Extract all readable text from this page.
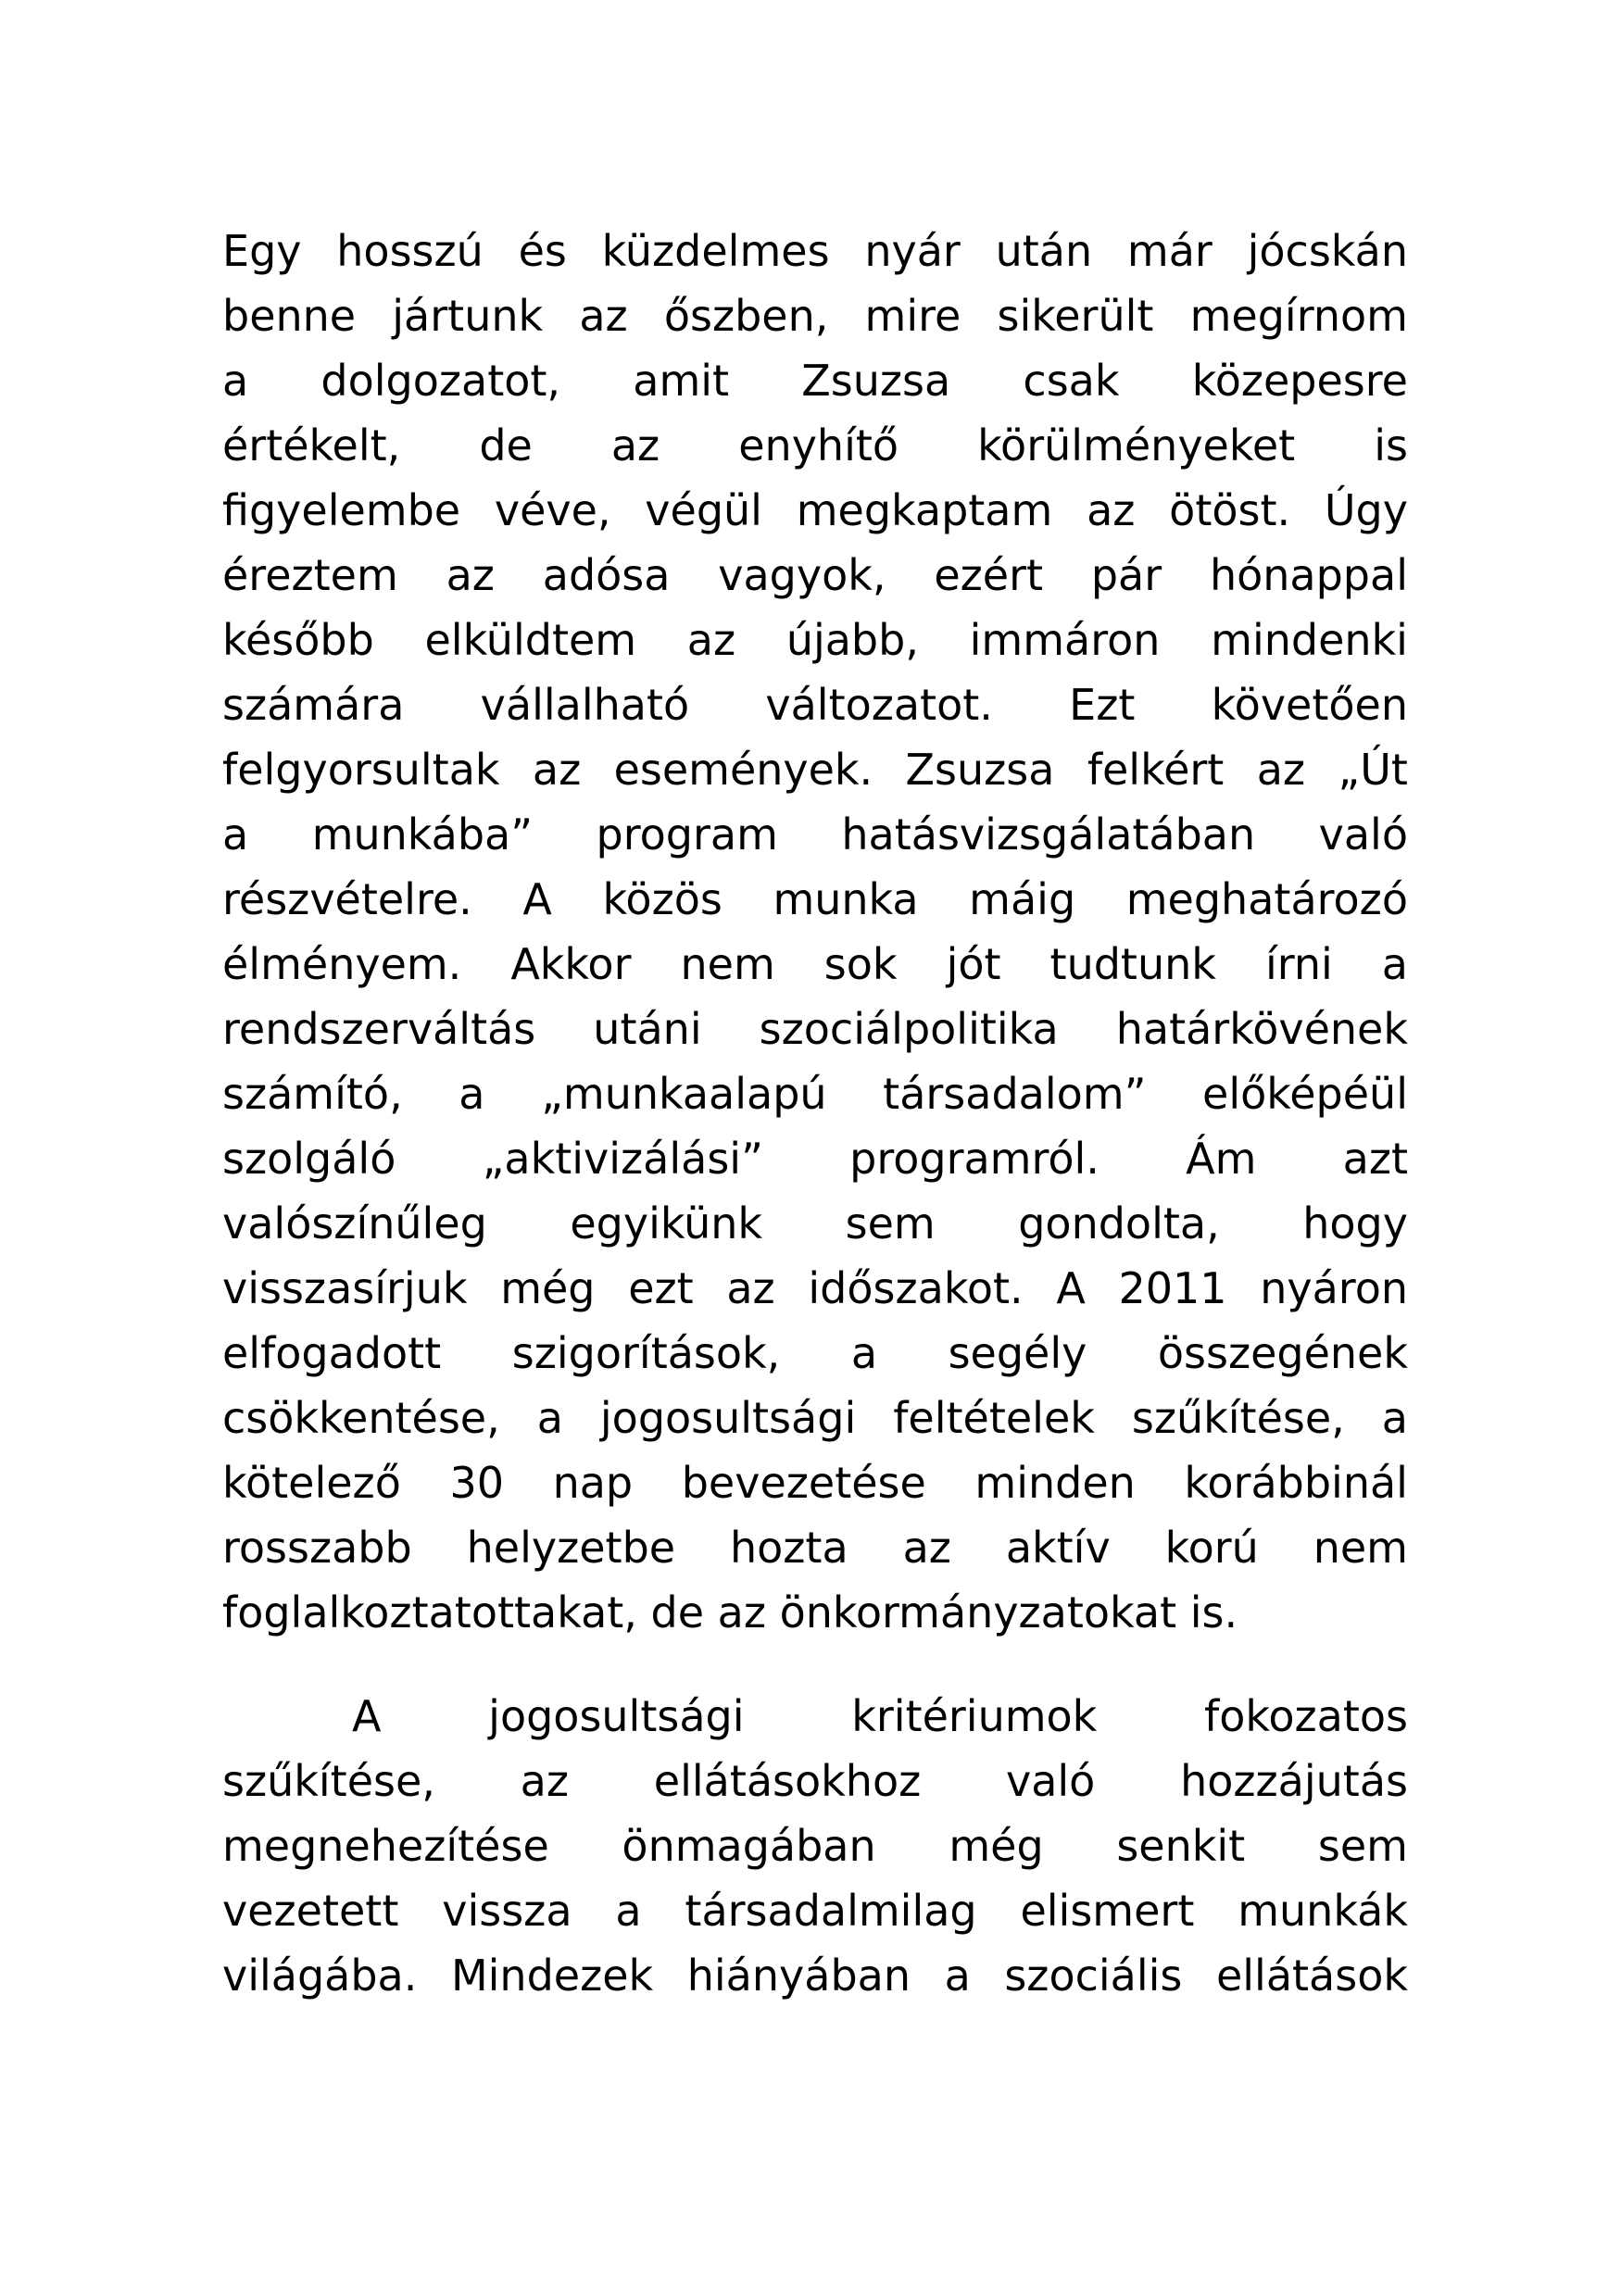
Egy hosszú és küzdelmes nyár után már jócskán
benne jártunk az őszben, mire sikerült megírnom
a dolgozatot, amit Zsuzsa csak közepesre
értékelt, de az enyhítő körülményeket is
figyelembe véve, végül megkaptam az ötöst. Úgy
éreztem az adósa vagyok, ezért pár hónappal
később elküldtem az újabb, immáron mindenki
számára vállalható változatot. Ezt követően
felgyorsultak az események. Zsuzsa felkért az „Út
a munkába” program hatásvizsgálatában való
részvételre. A közös munka máig meghatározó
élményem. Akkor nem sok jót tudtunk írni a
rendszerváltás utáni szociálpolitika határkövének
számító, a „munkaalapú társadalom” előképéül
szolgáló „aktivizálási” programról. Ám azt
valószínűleg egyikünk sem gondolta, hogy
visszasírjuk még ezt az időszakot. A 2011 nyáron
elfogadott szigorítások, a segély összegének
csökkentése, a jogosultsági feltételek szűkítése, a
kötelező 30 nap bevezetése minden korábbinál
rosszabb helyzetbe hozta az aktív korú nem
foglalkoztatottakat, de az önkormányzatokat is.
A	jogosultsági	kritériumok	fokozatos
szűkítése, az ellátásokhoz való hozzájutás
megnehezítése önmagában még senkit sem
vezetett vissza a társadalmilag elismert munkák
világába. Mindezek hiányában a szociális ellátások
